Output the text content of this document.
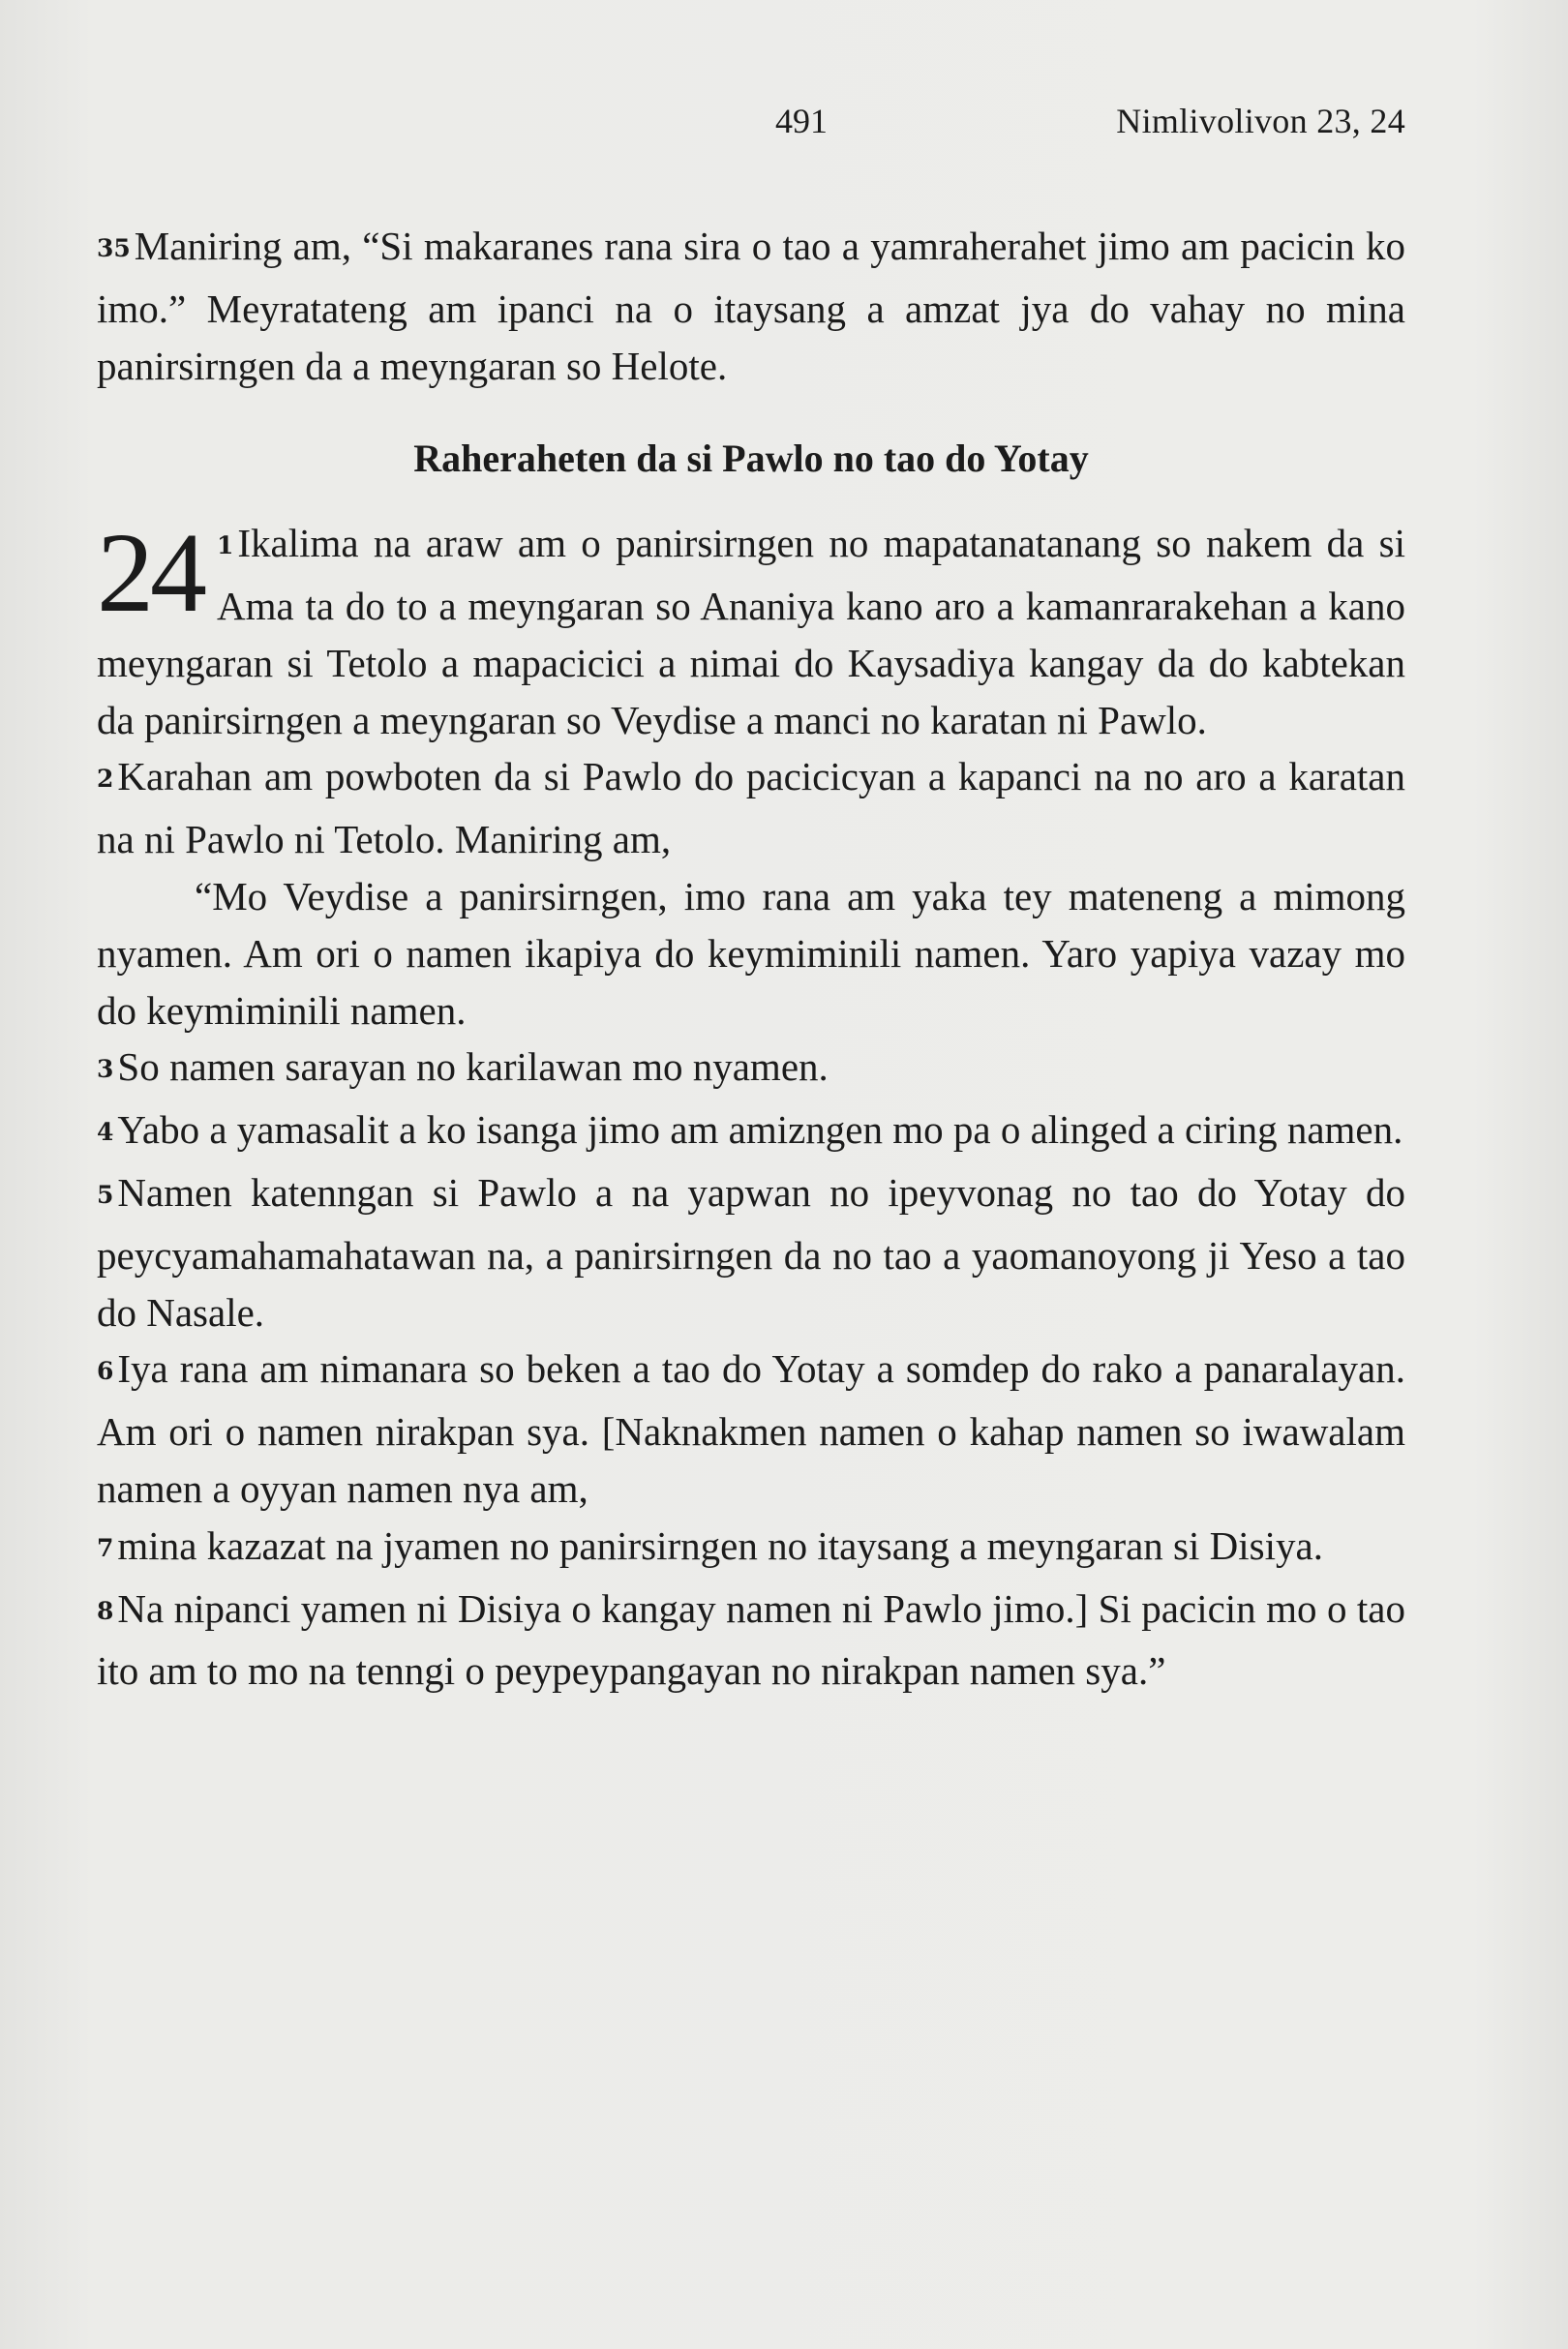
491	Nimlivolivon 23, 24

35Maniring am, “Si makaranes rana sira o tao a yamraherahet jimo am pacicin ko imo.” Meyratateng am ipanci na o itaysang a amzat jya do vahay no mina panirsirngen da a meyngaran so Helote.

Raheraheten da si Pawlo no tao do Yotay

24 1Ikalima na araw am o panirsirngen no mapatanatanang so nakem da si Ama ta do to a meyngaran so Ananiya kano aro a kamanrarakehan a kano meyngaran si Tetolo a mapacicici a nimai do Kaysadiya kangay da do kabtekan da panirsirngen a meyngaran so Veydise a manci no karatan ni Pawlo.

2Karahan am powboten da si Pawlo do pacicicyan a kapanci na no aro a karatan na ni Pawlo ni Tetolo. Maniring am,

“Mo Veydise a panirsirngen, imo rana am yaka tey mateneng a mimong nyamen. Am ori o namen ikapiya do keymiminili namen. Yaro yapiya vazay mo do keymiminili namen.

3So namen sarayan no karilawan mo nyamen.

4Yabo a yamasalit a ko isanga jimo am amizngen mo pa o alinged a ciring namen.

5Namen katenngan si Pawlo a na yapwan no ipeyvonag no tao do Yotay do peycyamahamahatawan na, a panirsirngen da no tao a yaomanoyong ji Yeso a tao do Nasale.

6Iya rana am nimanara so beken a tao do Yotay a somdep do rako a panaralayan. Am ori o namen nirakpan sya. [Naknakmen namen o kahap namen so iwawalam namen a oyyan namen nya am,

7mina kazazat na jyamen no panirsirngen no itaysang a meyngaran si Disiya.

8Na nipanci yamen ni Disiya o kangay namen ni Pawlo jimo.] Si pacicin mo o tao ito am to mo na tenngi o peypeypangayan no nirakpan namen sya.”
